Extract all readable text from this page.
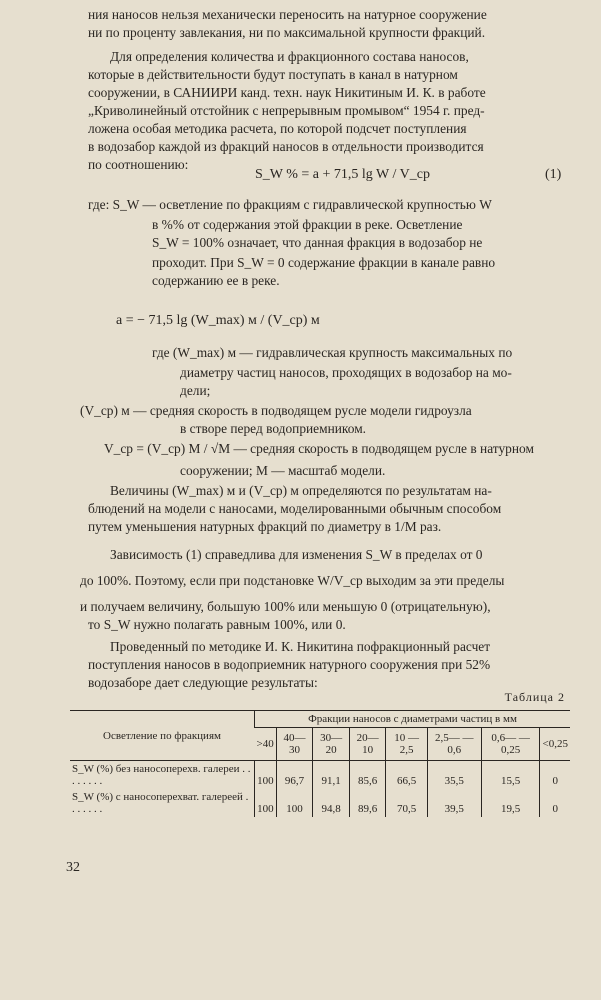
ния наносов нельзя механически переносить на натурное сооружение
ни по проценту завлекания, ни по максимальной крупности фракций.
Для определения количества и фракционного состава наносов,
которые в действительности будут поступать в канал в натурном
сооружении, в САНИИРИ канд. техн. наук Никитиным И. К. в работе
„Криволинейный отстойник с непрерывным промывом“ 1954 г. пред-
ложена особая методика расчета, по которой подсчет поступления
в водозабор каждой из фракций наносов в отдельности производится
по соотношению:
S_W % = a + 71,5 lg W / V_ср	(1)
где: S_W — осветление по фракциям с гидравлической крупностью W
в %% от содержания этой фракции в реке. Осветление
S_W = 100% означает, что данная фракция в водозабор не
проходит. При S_W = 0 содержание фракции в канале равно
содержанию ее в реке.
a = − 71,5 lg (W_max) м / (V_ср) м
где (W_max) м — гидравлическая крупность максимальных по
диаметру частиц наносов, проходящих в водозабор на мо-
дели;
(V_ср) м — средняя скорость в подводящем русле модели гидроузла
в створе перед водоприемником.
V_ср = (V_ср) M / √M — средняя скорость в подводящем русле в натурном
сооружении; M — масштаб модели.
Величины (W_max) м и (V_ср) м определяются по результатам на-
блюдений на модели с наносами, моделированными обычным способом
путем уменьшения натурных фракций по диаметру в 1/M раз.
Зависимость (1) справедлива для изменения S_W в пределах от 0
до 100%. Поэтому, если при подстановке W/V_ср выходим за эти пределы
и получаем величину, большую 100% или меньшую 0 (отрицательную),
то S_W нужно полагать равным 100%, или 0.
Проведенный по методике И. К. Никитина пофракционный расчет
поступления наносов в водоприемник натурного сооружения при 52%
водозаборе дает следующие результаты:
Таблица 2
Осветление по фракциям	Фракции наносов с диаметрами частиц в мм							
	>40	40—30	30—20	20—10	10 —2,5	2,5— —0,6	0,6— —0,25	<0,25
S_W (%) без наносоперехв. галереи . . . . . . . .	100	96,7	91,1	85,6	66,5	35,5	15,5	0
S_W (%) с наносоперехват. галереей . . . . . . .	100	100	94,8	89,6	70,5	39,5	19,5	0
32
